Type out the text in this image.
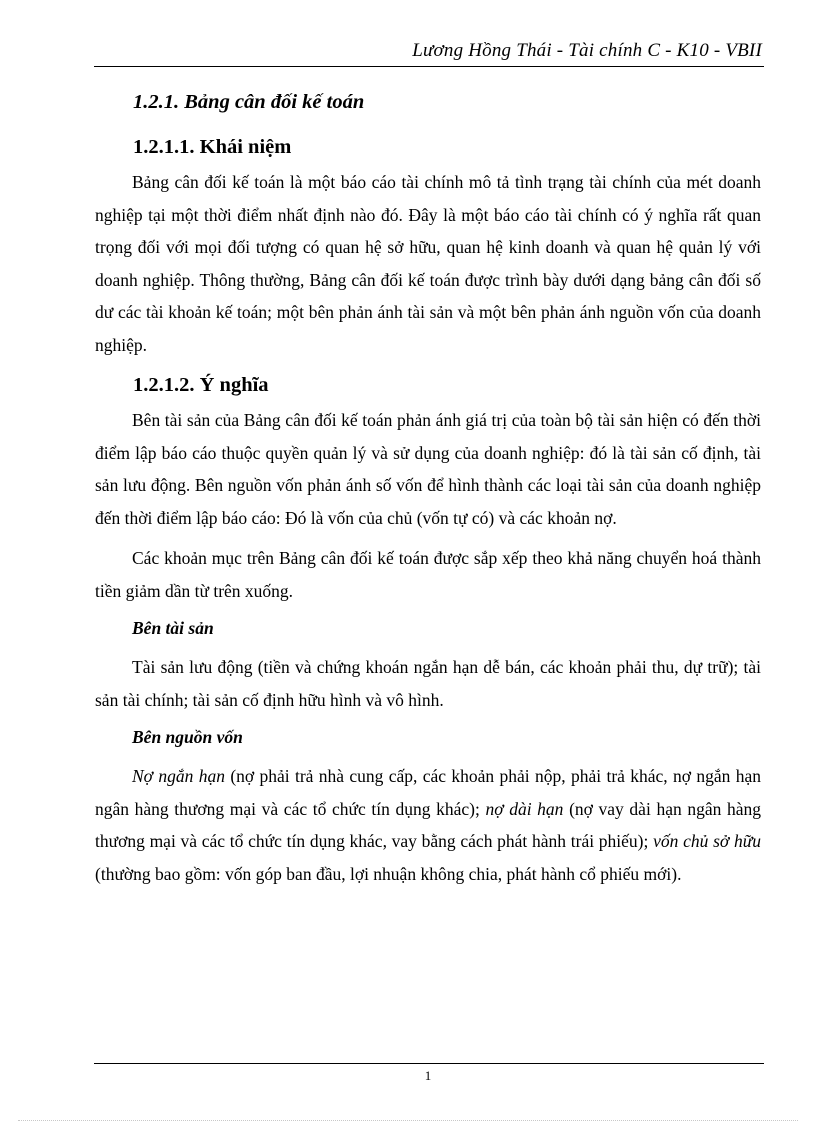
Lương Hồng Thái - Tài chính C - K10 - VBII
1.2.1. Bảng cân đối kế toán
1.2.1.1. Khái niệm

Bảng cân đối kế toán là một báo cáo tài chính mô tả tình trạng tài chính của mét doanh nghiệp tại một thời điểm nhất định nào đó. Đây là một báo cáo tài chính có ý nghĩa rất quan trọng đối với mọi đối tượng có quan hệ sở hữu, quan hệ kinh doanh và quan hệ quản lý với doanh nghiệp. Thông thường, Bảng cân đối kế toán được trình bày dưới dạng bảng cân đối số dư các tài khoản kế toán; một bên phản ánh tài sản và một bên phản ánh nguồn vốn của doanh nghiệp.

1.2.1.2. Ý nghĩa

Bên tài sản của Bảng cân đối kế toán phản ánh giá trị của toàn bộ tài sản hiện có đến thời điểm lập báo cáo thuộc quyền quản lý và sử dụng của doanh nghiệp: đó là tài sản cố định, tài sản lưu động. Bên nguồn vốn phản ánh số vốn để hình thành các loại tài sản của doanh nghiệp đến thời điểm lập báo cáo: Đó là vốn của chủ (vốn tự có) và các khoản nợ.

Các khoản mục trên Bảng cân đối kế toán được sắp xếp theo khả năng chuyển hoá thành tiền giảm dần từ trên xuống.

Bên tài sản

Tài sản lưu động (tiền và chứng khoán ngắn hạn dễ bán, các khoản phải thu, dự trữ); tài sản tài chính; tài sản cố định hữu hình và vô hình.

Bên nguồn vốn

Nợ ngắn hạn (nợ phải trả nhà cung cấp, các khoản phải nộp, phải trả khác, nợ ngắn hạn ngân hàng thương mại và các tổ chức tín dụng khác); nợ dài hạn (nợ vay dài hạn ngân hàng thương mại và các tổ chức tín dụng khác, vay bằng cách phát hành trái phiếu); vốn chủ sở hữu (thường bao gồm: vốn góp ban đầu, lợi nhuận không chia, phát hành cổ phiếu mới).

1
